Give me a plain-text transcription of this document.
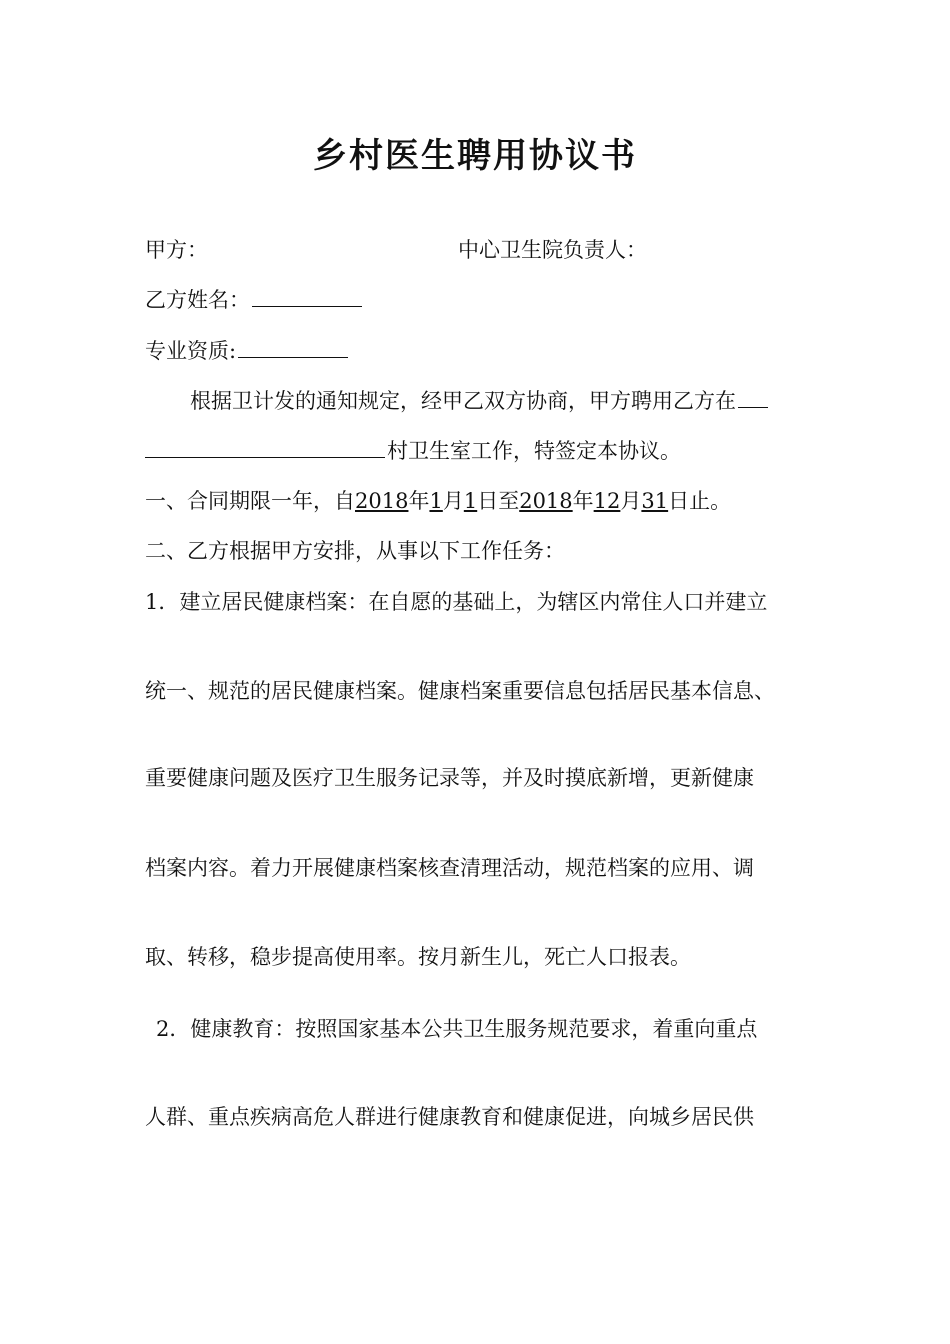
乡村医生聘用协议书
甲方：	中心卫生院负责人：
乙方姓名：
专业资质:
根据卫计发的通知规定，经甲乙双方协商，甲方聘用乙方在
村卫生室工作，特签定本协议。
一、合同期限一年，自2018年1月1日至2018年12月31日止。
二、乙方根据甲方安排，从事以下工作任务：
1．建立居民健康档案：在自愿的基础上，为辖区内常住人口并建立
统一、规范的居民健康档案。健康档案重要信息包括居民基本信息、
重要健康问题及医疗卫生服务记录等，并及时摸底新增，更新健康
档案内容。着力开展健康档案核查清理活动，规范档案的应用、调
取、转移，稳步提高使用率。按月新生儿，死亡人口报表。
2．健康教育：按照国家基本公共卫生服务规范要求，着重向重点
人群、重点疾病高危人群进行健康教育和健康促进，向城乡居民供
